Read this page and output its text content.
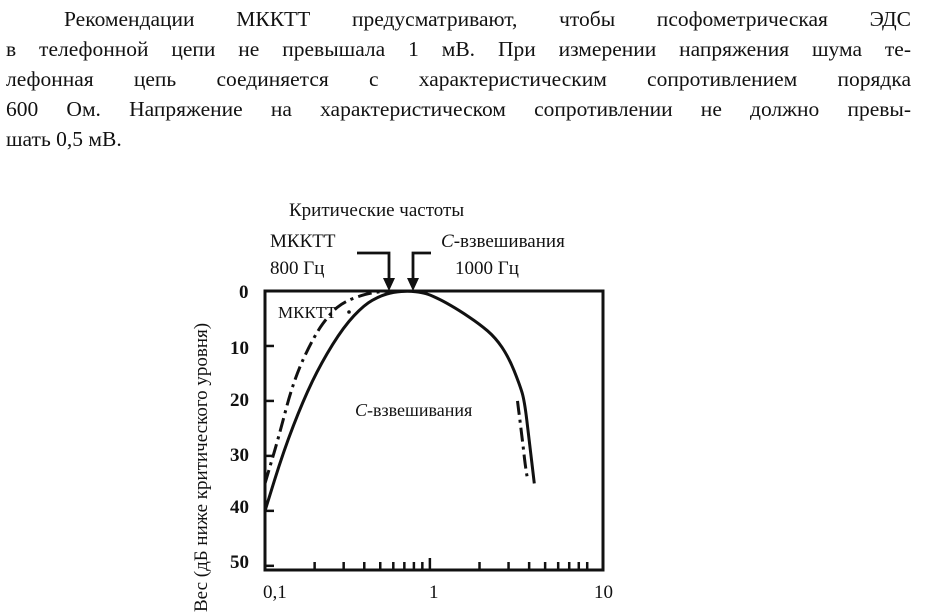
Рекомендации МККТТ предусматривают, чтобы псофометрическая ЭДС
в телефонной цепи не превышала 1 мВ. При измерении напряжения шума те-
лефонная цепь соединяется с характеристическим сопротивлением порядка
600 Ом. Напряжение на характеристическом сопротивлении не должно превы-
шать 0,5 мВ.
Критические частоты
МККТТ
800 Гц
С-взвешивания
1000 Гц
0
10
20
30
40
50
0,1	1	10
МККТТ
С-взвешивания
Вес (дБ ниже критического уровня)
